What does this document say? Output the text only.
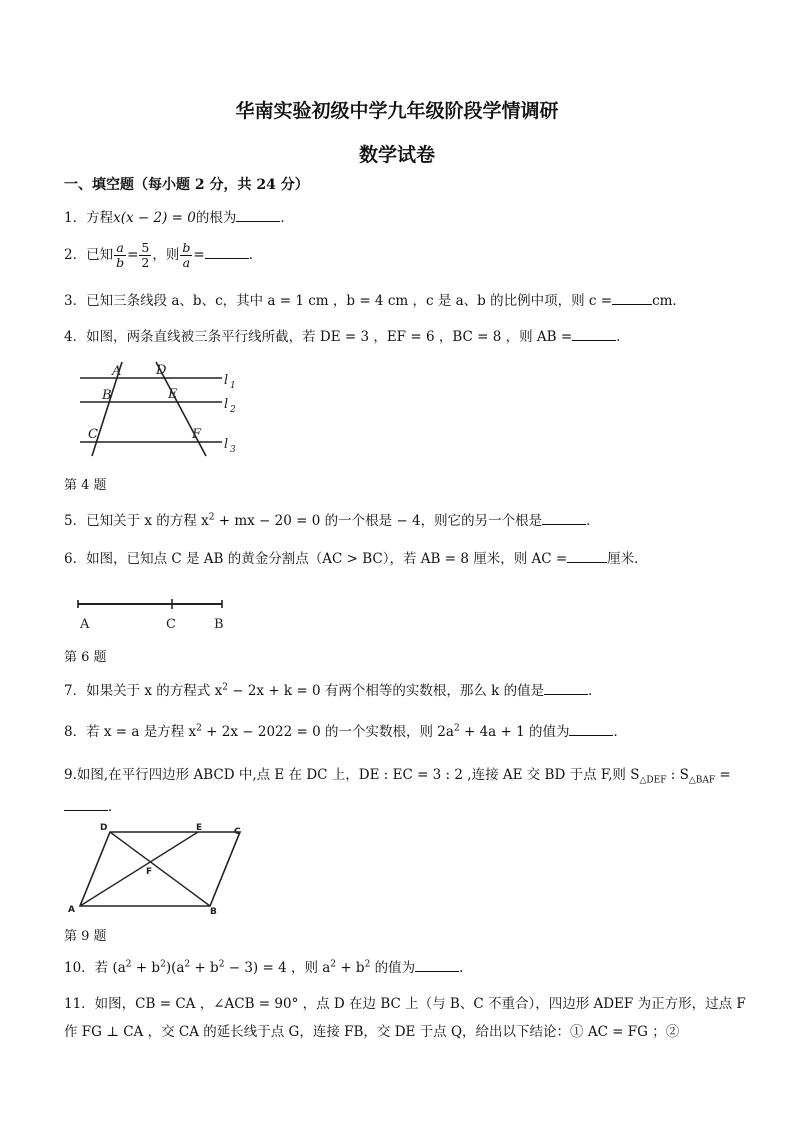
华南实验初级中学九年级阶段学情调研
数学试卷
一、填空题（每小题 2 分，共 24 分）
1．方程x(x − 2) = 0的根为	．
2．已知 $\frac{a}{b} = \frac{5}{2}$ ，则 $\frac{b}{a}$ =	．
3．已知三条线段 a、b、c，其中 a = 1 cm ，b = 4 cm ，c 是 a、b 的比例中项，则 c =	cm．
4．如图，两条直线被三条平行线所截，若 DE = 3 ，EF = 6 ，BC = 8 ，则 AB =	．
A
B
C
D
E
F
l 1
l 2
l 3
第 4 题
5．已知关于 x 的方程 $x^2$ + mx − 20 = 0 的一个根是 − 4，则它的另一个根是	．
6．如图，已知点 C 是 AB 的黄金分割点（AC > BC），若 AB = 8 厘米，则 AC =	厘米．
A	C	B
第 6 题
7．如果关于 x 的方程式 $x^2 - 2x + k = 0$ 有两个相等的实数根，那么 k 的值是	．
8．若 x = a 是方程 $x^2 + 2x - 2022 = 0$ 的一个实数根，则 $2a^2 + 4a + 1$ 的值为	．
9.如图,在平行四边形 ABCD 中,点 E 在 DC 上，DE : EC = 3 : 2 ,连接 AE 交 BD 于点 F,则 $S_{\triangle DEF}$ : $S_{\triangle BAF}$ =
．
D	E	C
F
A	B
第 9 题
10．若 $(a^2 + b^2)(a^2 + b^2 - 3) = 4$ ，则 $a^2 + b^2$ 的值为	．
11．如图，CB = CA ，∠ACB = 90° ，点 D 在边 BC 上（与 B、C 不重合），四边形 ADEF 为正方形，过点 F
作 FG ⊥ CA ，交 CA 的延长线于点 G，连接 FB，交 DE 于点 Q，给出以下结论：① AC = FG ；②
